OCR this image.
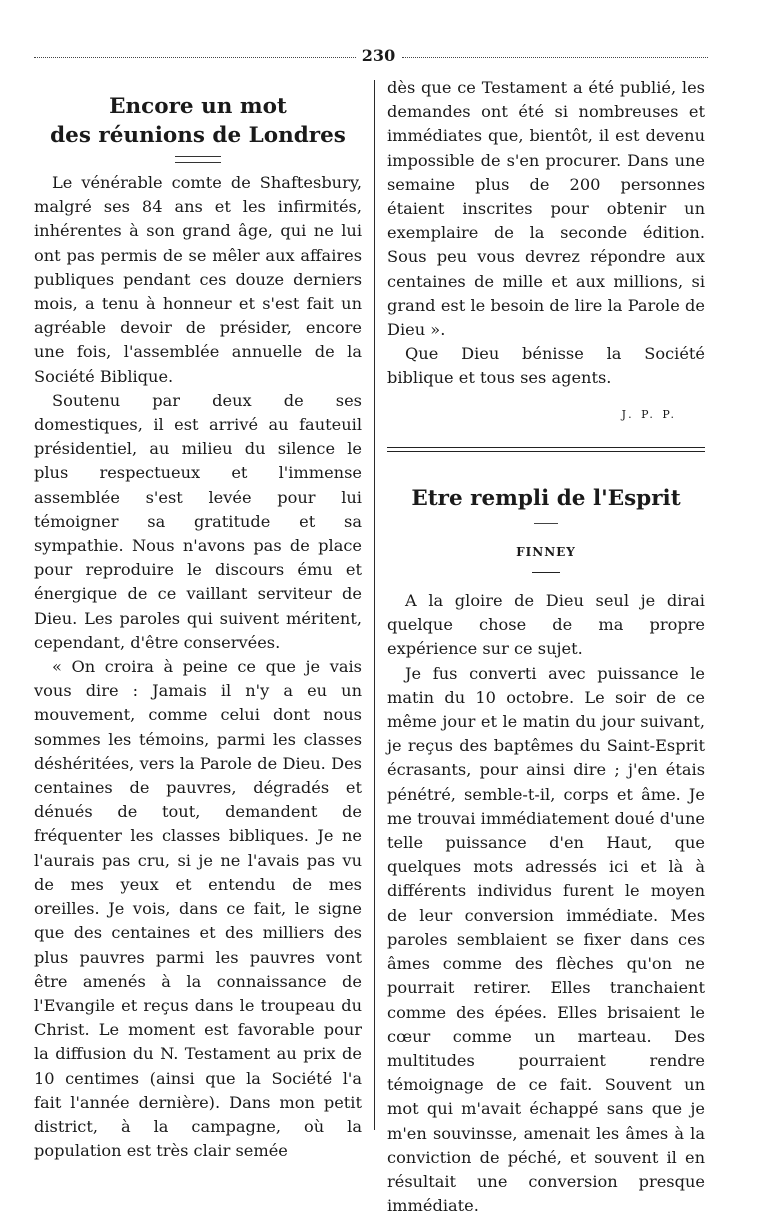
230
Encore un mot
des réunions de Londres

Le vénérable comte de Shaftesbury, malgré ses 84 ans et les infirmités, inhérentes à son grand âge, qui ne lui ont pas permis de se mêler aux affaires publiques pendant ces douze derniers mois, a tenu à honneur et s'est fait un agréable devoir de présider, encore une fois, l'assemblée annuelle de la Société Biblique.

Soutenu par deux de ses domestiques, il est arrivé au fauteuil présidentiel, au milieu du silence le plus respectueux et l'immense assemblée s'est levée pour lui témoigner sa gratitude et sa sympathie. Nous n'avons pas de place pour reproduire le discours ému et énergique de ce vaillant serviteur de Dieu. Les paroles qui suivent méritent, cependant, d'être conservées.

« On croira à peine ce que je vais vous dire : Jamais il n'y a eu un mouvement, comme celui dont nous sommes les témoins, parmi les classes déshéritées, vers la Parole de Dieu. Des centaines de pauvres, dégradés et dénués de tout, demandent de fréquenter les classes bibliques. Je ne l'aurais pas cru, si je ne l'avais pas vu de mes yeux et entendu de mes oreilles. Je vois, dans ce fait, le signe que des centaines et des milliers des plus pauvres parmi les pauvres vont être amenés à la connaissance de l'Evangile et reçus dans le troupeau du Christ. Le moment est favorable pour la diffusion du N. Testament au prix de 10 centimes (ainsi que la Société l'a fait l'année dernière). Dans mon petit district, à la campagne, où la population est très clair semée

dès que ce Testament a été publié, les demandes ont été si nombreuses et immédiates que, bientôt, il est devenu impossible de s'en procurer. Dans une semaine plus de 200 personnes étaient inscrites pour obtenir un exemplaire de la seconde édition. Sous peu vous devrez répondre aux centaines de mille et aux millions, si grand est le besoin de lire la Parole de Dieu ».

Que Dieu bénisse la Société biblique et tous ses agents.

J. P. P.
Etre rempli de l'Esprit
FINNEY

A la gloire de Dieu seul je dirai quelque chose de ma propre expérience sur ce sujet.

Je fus converti avec puissance le matin du 10 octobre. Le soir de ce même jour et le matin du jour suivant, je reçus des baptêmes du Saint-Esprit écrasants, pour ainsi dire ; j'en étais pénétré, semble-t-il, corps et âme. Je me trouvai immédiatement doué d'une telle puissance d'en Haut, que quelques mots adressés ici et là à différents individus furent le moyen de leur conversion immédiate. Mes paroles semblaient se fixer dans ces âmes comme des flèches qu'on ne pourrait retirer. Elles tranchaient comme des épées. Elles brisaient le cœur comme un marteau. Des multitudes pourraient rendre témoignage de ce fait. Souvent un mot qui m'avait échappé sans que je m'en souvinsse, amenait les âmes à la conviction de péché, et souvent il en résultait une conversion presque immédiate.
